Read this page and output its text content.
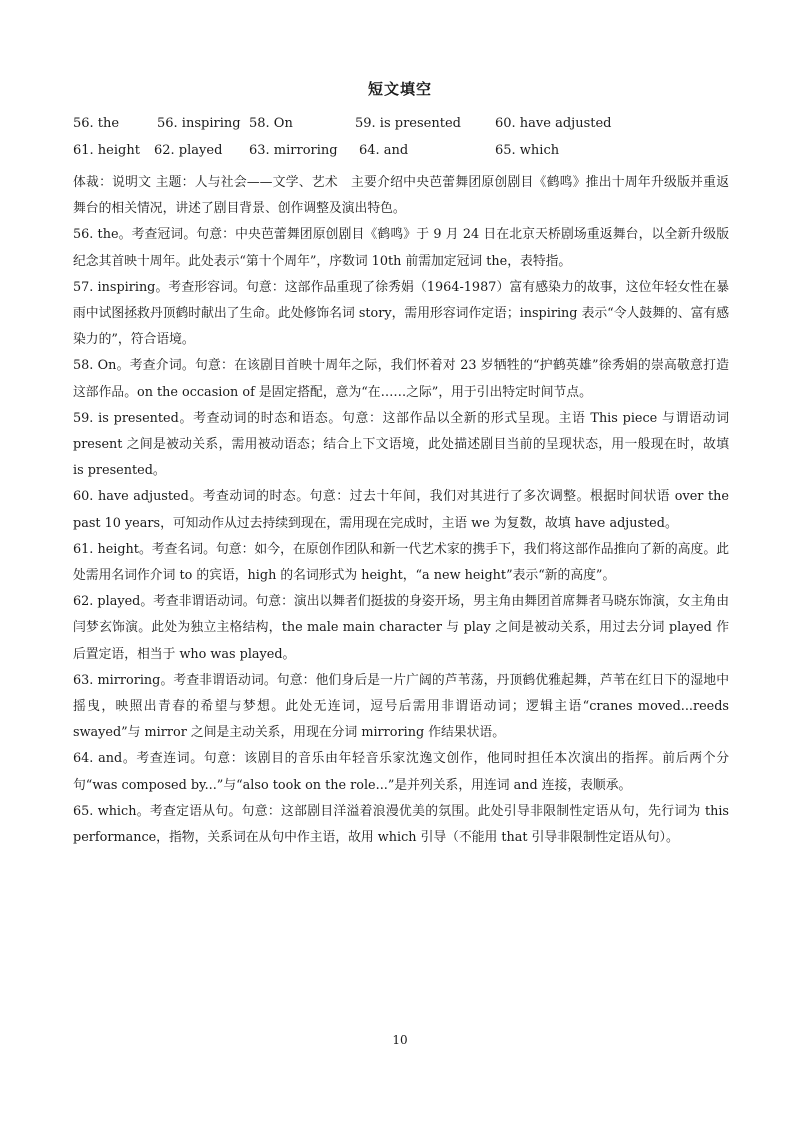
短文填空
56. the	56. inspiring 58. On	59. is presented	60. have adjusted
61. height 62. played 63. mirroring 64. and	65. which

体裁：说明文 主题：人与社会——文学、艺术　主要介绍中央芭蕾舞团原创剧目《鹤鸣》推出十周年升级版并重返舞台的相关情况，讲述了剧目背景、创作调整及演出特色。

56. the。考查冠词。句意：中央芭蕾舞团原创剧目《鹤鸣》于 9 月 24 日在北京天桥剧场重返舞台，以全新升级版纪念其首映十周年。此处表示“第十个周年”，序数词 10th 前需加定冠词 the，表特指。

57. inspiring。考查形容词。句意：这部作品重现了徐秀娟（1964-1987）富有感染力的故事，这位年轻女性在暴雨中试图拯救丹顶鹤时献出了生命。此处修饰名词 story，需用形容词作定语；inspiring 表示“令人鼓舞的、富有感染力的”，符合语境。

58. On。考查介词。句意：在该剧目首映十周年之际，我们怀着对 23 岁牺牲的“护鹤英雄”徐秀娟的崇高敬意打造这部作品。on the occasion of 是固定搭配，意为“在……之际”，用于引出特定时间节点。

59. is presented。考查动词的时态和语态。句意：这部作品以全新的形式呈现。主语 This piece 与谓语动词 present 之间是被动关系，需用被动语态；结合上下文语境，此处描述剧目当前的呈现状态，用一般现在时，故填 is presented。

60. have adjusted。考查动词的时态。句意：过去十年间，我们对其进行了多次调整。根据时间状语 over the past 10 years，可知动作从过去持续到现在，需用现在完成时，主语 we 为复数，故填 have adjusted。

61. height。考查名词。句意：如今，在原创作团队和新一代艺术家的携手下，我们将这部作品推向了新的高度。此处需用名词作介词 to 的宾语，high 的名词形式为 height，“a new height”表示“新的高度”。

62. played。考查非谓语动词。句意：演出以舞者们挺拔的身姿开场，男主角由舞团首席舞者马晓东饰演，女主角由闫梦玄饰演。此处为独立主格结构，the male main character 与 play 之间是被动关系，用过去分词 played 作后置定语，相当于 who was played。

63. mirroring。考查非谓语动词。句意：他们身后是一片广阔的芦苇荡，丹顶鹤优雅起舞，芦苇在红日下的湿地中摇曳，映照出青春的希望与梦想。此处无连词，逗号后需用非谓语动词；逻辑主语“cranes moved...reeds swayed”与 mirror 之间是主动关系，用现在分词 mirroring 作结果状语。

64. and。考查连词。句意：该剧目的音乐由年轻音乐家沈逸文创作，他同时担任本次演出的指挥。前后两个分句“was composed by...”与“also took on the role...”是并列关系，用连词 and 连接，表顺承。

65. which。考查定语从句。句意：这部剧目洋溢着浪漫优美的氛围。此处引导非限制性定语从句，先行词为 this performance，指物，关系词在从句中作主语，故用 which 引导（不能用 that 引导非限制性定语从句）。

10
